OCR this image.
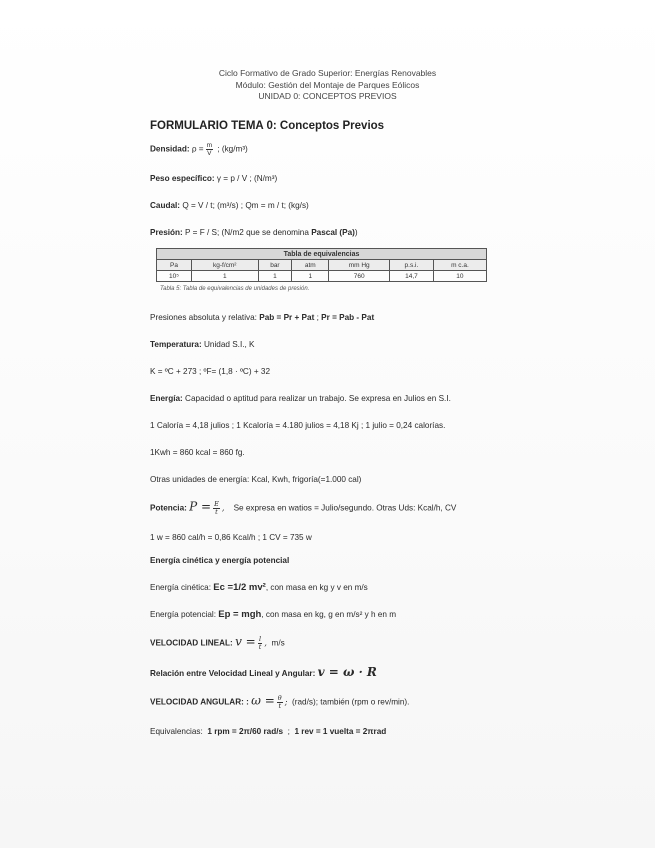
Ciclo Formativo de Grado Superior: Energías Renovables
Módulo: Gestión del Montaje de Parques Eólicos
UNIDAD 0: CONCEPTOS PREVIOS
FORMULARIO TEMA 0: Conceptos Previos

Densidad: $\rho = \frac{m}{V}$ ; (kg/m³)

Peso específico: γ = p / V ; (N/m³)

Caudal: Q = V / t; (m³/s) ; Qm = m / t; (kg/s)

Presión: P = F / S; (N/m2 que se denomina Pascal (Pa))

Tabla de equivalencias						
Pa	kg-f/cm²	bar	atm	mm Hg	p.s.i.	m c.a.
10⁵	1	1	1	760	14,7	10
Tabla 5: Tabla de equivalencias de unidades de presión.

Presiones absoluta y relativa: Pab = Pr + Pat ; Pr = Pab - Pat

Temperatura: Unidad S.I., K

K = ºC + 273 ; ºF= (1,8 · ºC) + 32

Energía: Capacidad o aptitud para realizar un trabajo. Se expresa en Julios en S.I.

1 Caloría = 4,18 julios ; 1 Kcaloría = 4.180 julios = 4,18 Kj ; 1 julio = 0,24 calorías.

1Kwh = 860 kcal = 860 fg.

Otras unidades de energía: Kcal, Kwh, frigoría(=1.000 cal)

Potencia: $P = \frac{E}{t}$ , Se expresa en watios = Julio/segundo. Otras Uds: Kcal/h, CV

1 w = 860 cal/h = 0,86 Kcal/h ; 1 CV = 735 w

Energía cinética y energía potencial

Energía cinética: Ec =1/2 mv², con masa en kg y v en m/s

Energía potencial: Ep = mgh, con masa en kg, g en m/s² y h en m

VELOCIDAD LINEAL: $v = \frac{l}{t}$ , m/s

Relación entre Velocidad Lineal y Angular: v = ω · R

VELOCIDAD ANGULAR: : $\omega = \frac{\theta}{t}$ ; (rad/s); también (rpm o rev/min).

Equivalencias: 1 rpm = 2π/60 rad/s ; 1 rev = 1 vuelta = 2πrad
